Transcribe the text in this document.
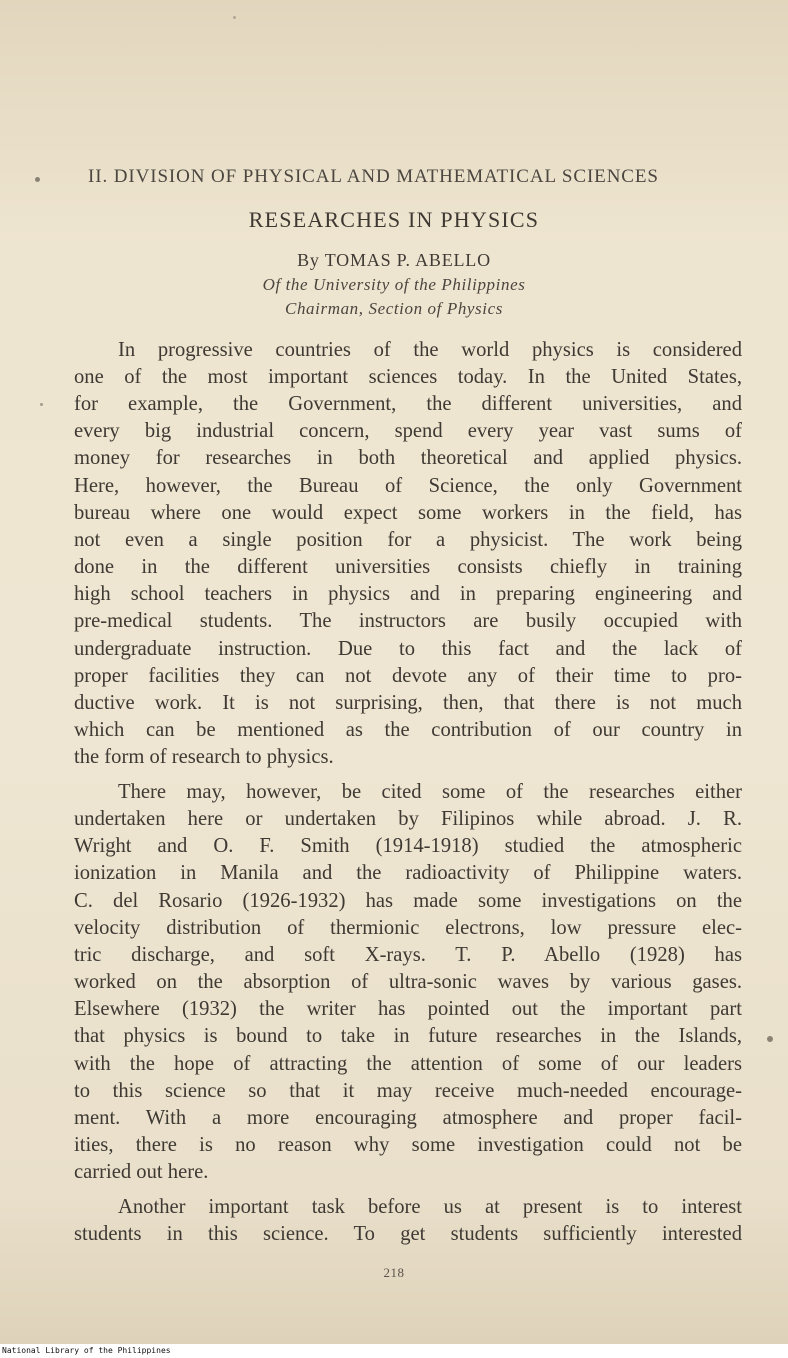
II. DIVISION OF PHYSICAL AND MATHEMATICAL SCIENCES
RESEARCHES IN PHYSICS
By TOMAS P. ABELLO
Of the University of the Philippines
Chairman, Section of Physics
In progressive countries of the world physics is considered
one of the most important sciences today. In the United States,
for example, the Government, the different universities, and
every big industrial concern, spend every year vast sums of
money for researches in both theoretical and applied physics.
Here, however, the Bureau of Science, the only Government
bureau where one would expect some workers in the field, has
not even a single position for a physicist. The work being
done in the different universities consists chiefly in training
high school teachers in physics and in preparing engineering and
pre-medical students. The instructors are busily occupied with
undergraduate instruction. Due to this fact and the lack of
proper facilities they can not devote any of their time to pro-
ductive work. It is not surprising, then, that there is not much
which can be mentioned as the contribution of our country in
the form of research to physics.
There may, however, be cited some of the researches either
undertaken here or undertaken by Filipinos while abroad. J. R.
Wright and O. F. Smith (1914-1918) studied the atmospheric
ionization in Manila and the radioactivity of Philippine waters.
C. del Rosario (1926-1932) has made some investigations on the
velocity distribution of thermionic electrons, low pressure elec-
tric discharge, and soft X-rays. T. P. Abello (1928) has
worked on the absorption of ultra-sonic waves by various gases.
Elsewhere (1932) the writer has pointed out the important part
that physics is bound to take in future researches in the Islands,
with the hope of attracting the attention of some of our leaders
to this science so that it may receive much-needed encourage-
ment. With a more encouraging atmosphere and proper facil-
ities, there is no reason why some investigation could not be
carried out here.
Another important task before us at present is to interest
students in this science. To get students sufficiently interested
218
National Library of the Philippines
